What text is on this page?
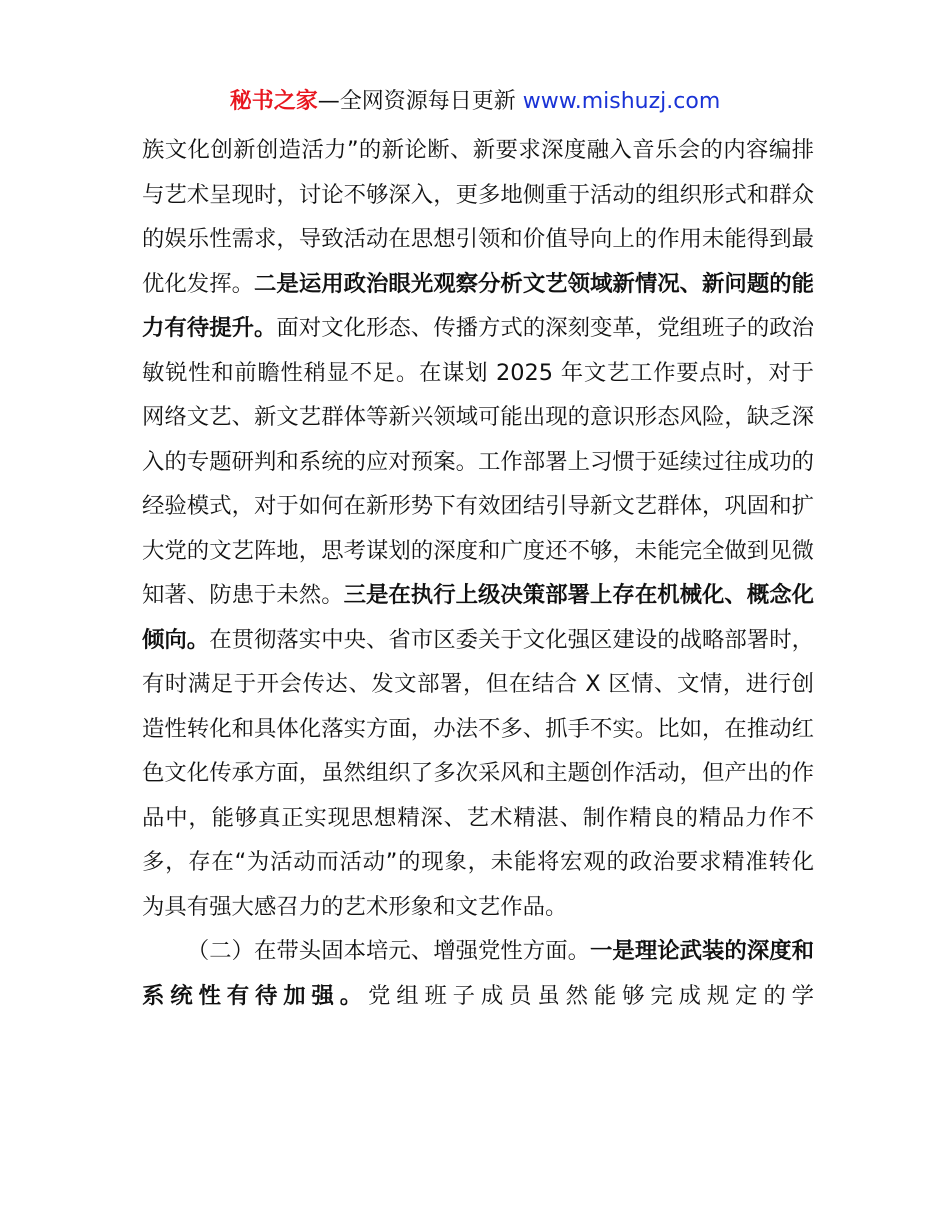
秘书之家—全网资源每日更新 www.mishuzj.com

族文化创新创造活力”的新论断、新要求深度融入音乐会的内容编排与艺术呈现时，讨论不够深入，更多地侧重于活动的组织形式和群众的娱乐性需求，导致活动在思想引领和价值导向上的作用未能得到最优化发挥。二是运用政治眼光观察分析文艺领域新情况、新问题的能力有待提升。面对文化形态、传播方式的深刻变革，党组班子的政治敏锐性和前瞻性稍显不足。在谋划 2025 年文艺工作要点时，对于网络文艺、新文艺群体等新兴领域可能出现的意识形态风险，缺乏深入的专题研判和系统的应对预案。工作部署上习惯于延续过往成功的经验模式，对于如何在新形势下有效团结引导新文艺群体，巩固和扩大党的文艺阵地，思考谋划的深度和广度还不够，未能完全做到见微知著、防患于未然。三是在执行上级决策部署上存在机械化、概念化倾向。在贯彻落实中央、省市区委关于文化强区建设的战略部署时，有时满足于开会传达、发文部署，但在结合 X 区情、文情，进行创造性转化和具体化落实方面，办法不多、抓手不实。比如，在推动红色文化传承方面，虽然组织了多次采风和主题创作活动，但产出的作品中，能够真正实现思想精深、艺术精湛、制作精良的精品力作不多，存在“为活动而活动”的现象，未能将宏观的政治要求精准转化为具有强大感召力的艺术形象和文艺作品。

（二）在带头固本培元、增强党性方面。一是理论武装的深度和系统性有待加强。党组班子成员虽然能够完成规定的学
